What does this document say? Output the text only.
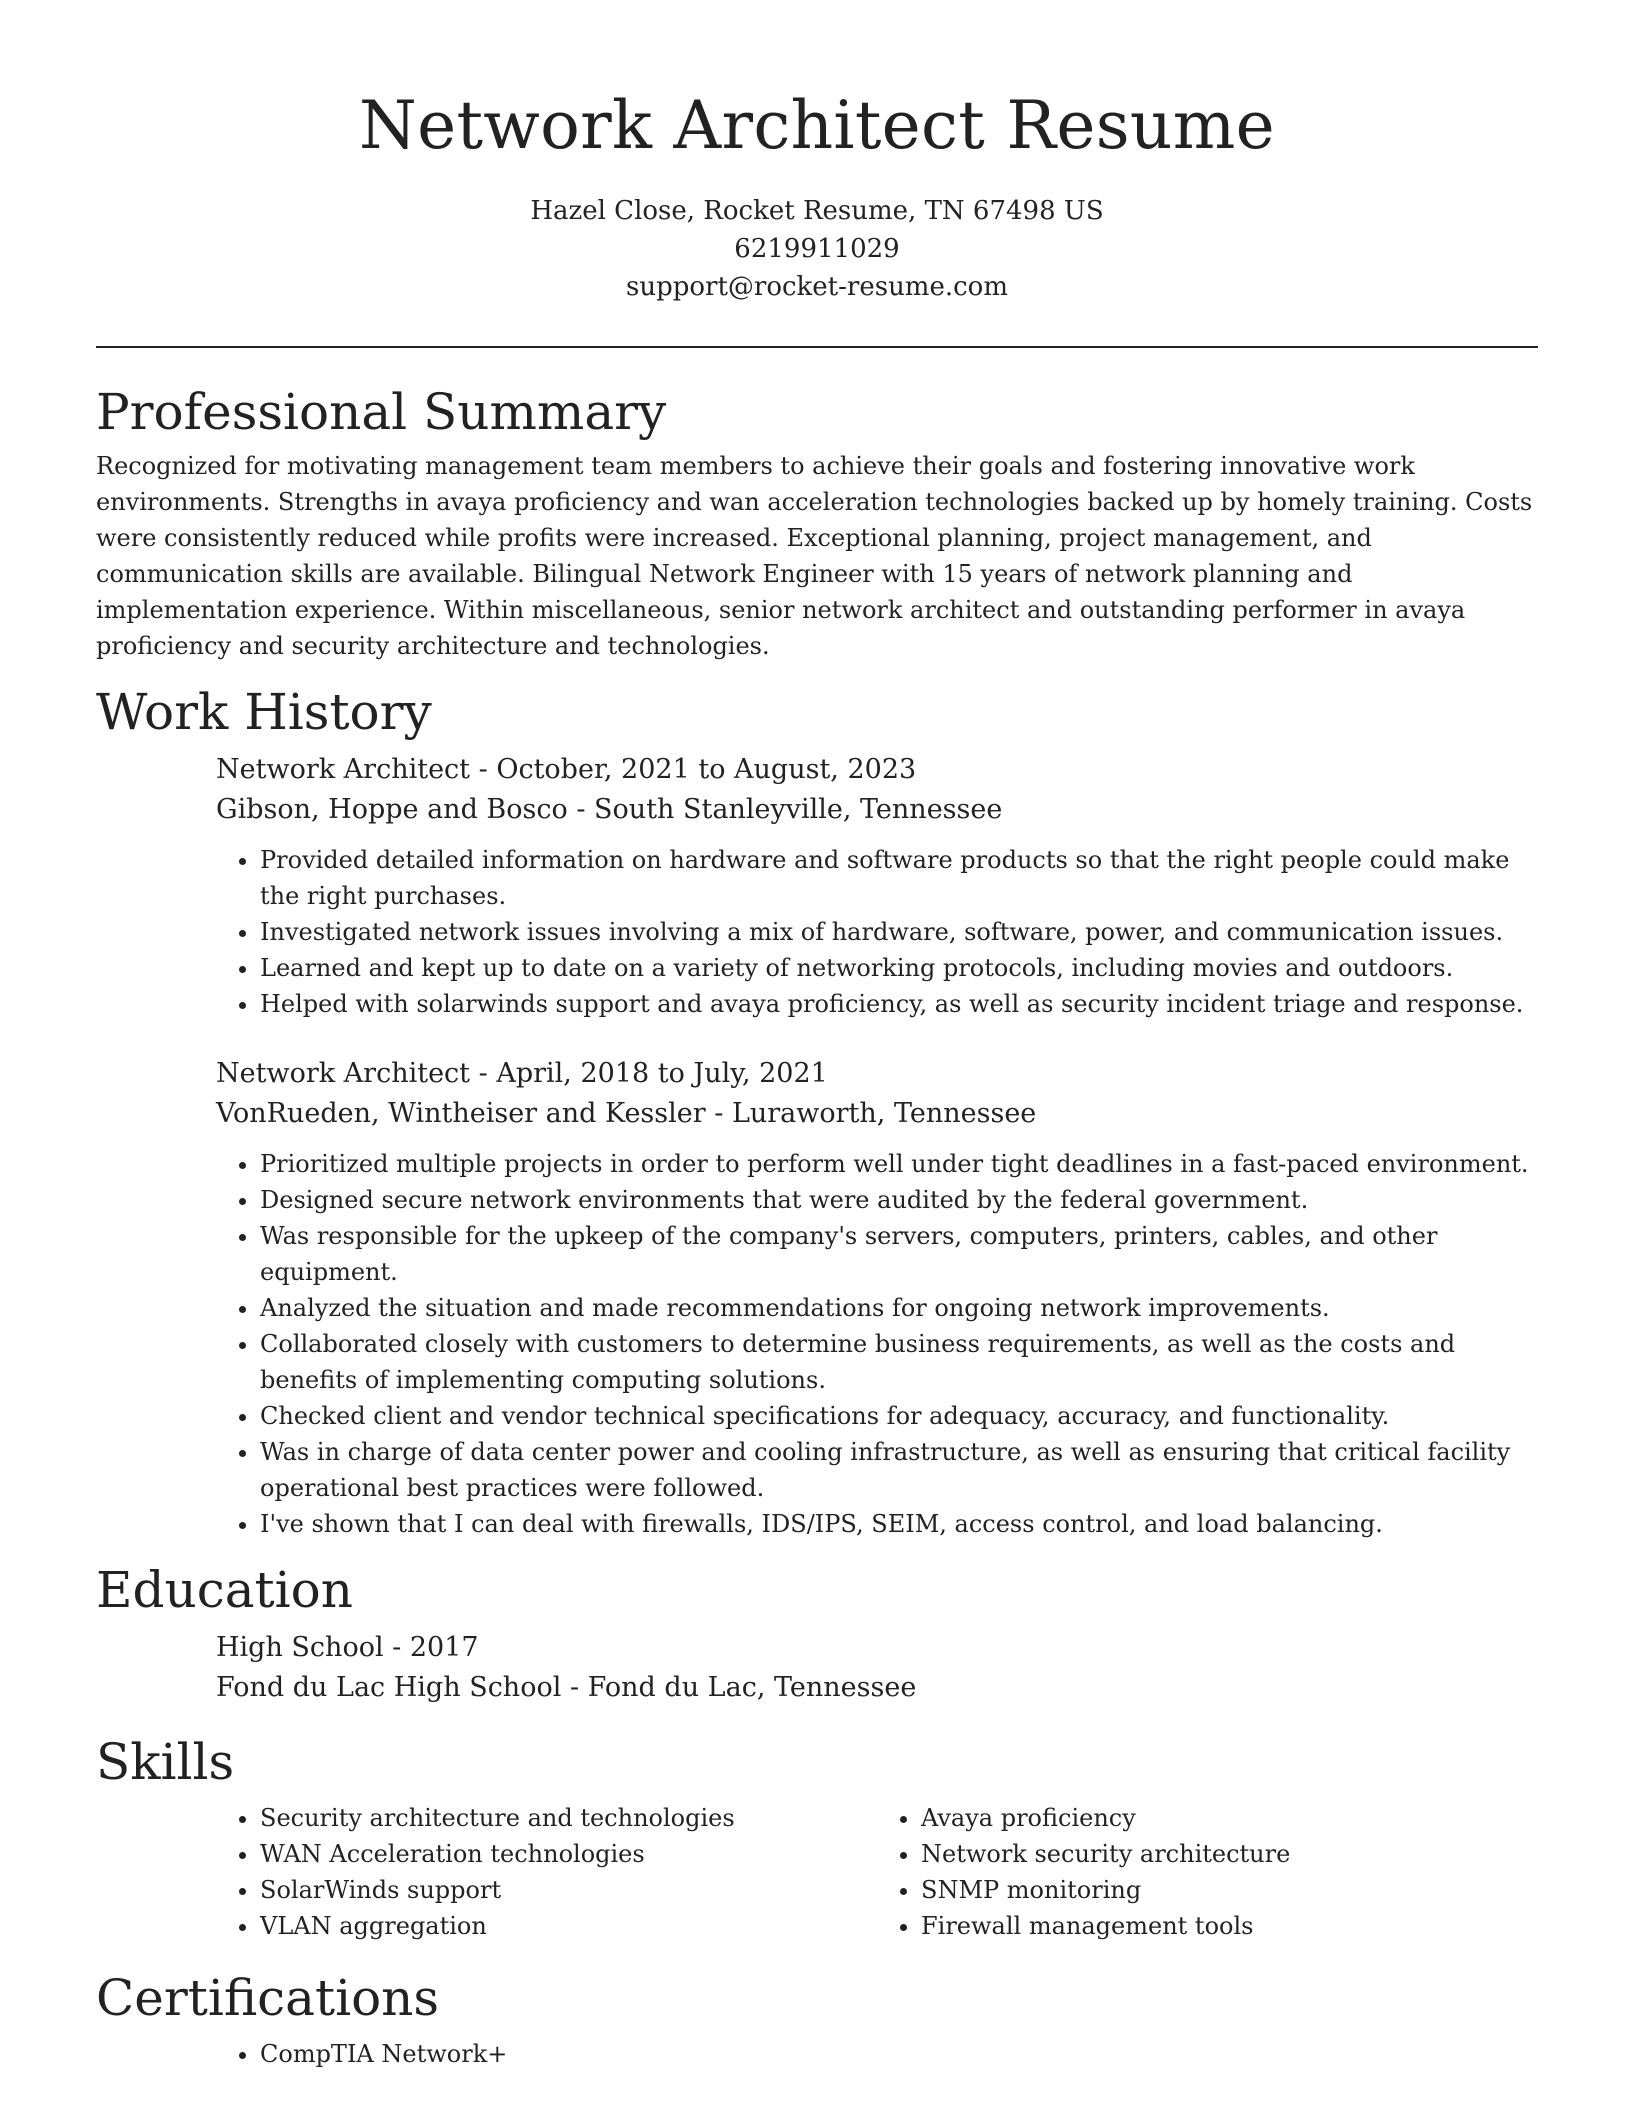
Network Architect Resume
Hazel Close, Rocket Resume, TN 67498 US
6219911029
support@rocket-resume.com
Professional Summary

Recognized for motivating management team members to achieve their goals and fostering innovative work environments. Strengths in avaya proficiency and wan acceleration technologies backed up by homely training. Costs were consistently reduced while profits were increased. Exceptional planning, project management, and communication skills are available. Bilingual Network Engineer with 15 years of network planning and implementation experience. Within miscellaneous, senior network architect and outstanding performer in avaya proficiency and security architecture and technologies.

Work History
Network Architect - October, 2021 to August, 2023
Gibson, Hoppe and Bosco - South Stanleyville, Tennessee
• Provided detailed information on hardware and software products so that the right people could make the right purchases.
• Investigated network issues involving a mix of hardware, software, power, and communication issues.
• Learned and kept up to date on a variety of networking protocols, including movies and outdoors.
• Helped with solarwinds support and avaya proficiency, as well as security incident triage and response.
Network Architect - April, 2018 to July, 2021
VonRueden, Wintheiser and Kessler - Luraworth, Tennessee
• Prioritized multiple projects in order to perform well under tight deadlines in a fast-paced environment.
• Designed secure network environments that were audited by the federal government.
• Was responsible for the upkeep of the company's servers, computers, printers, cables, and other equipment.
• Analyzed the situation and made recommendations for ongoing network improvements.
• Collaborated closely with customers to determine business requirements, as well as the costs and benefits of implementing computing solutions.
• Checked client and vendor technical specifications for adequacy, accuracy, and functionality.
• Was in charge of data center power and cooling infrastructure, as well as ensuring that critical facility operational best practices were followed.
• I've shown that I can deal with firewalls, IDS/IPS, SEIM, access control, and load balancing.
Education
High School - 2017
Fond du Lac High School - Fond du Lac, Tennessee
Skills
• Security architecture and technologies
• WAN Acceleration technologies
• SolarWinds support
• VLAN aggregation
• Avaya proficiency
• Network security architecture
• SNMP monitoring
• Firewall management tools
Certifications
• CompTIA Network+
